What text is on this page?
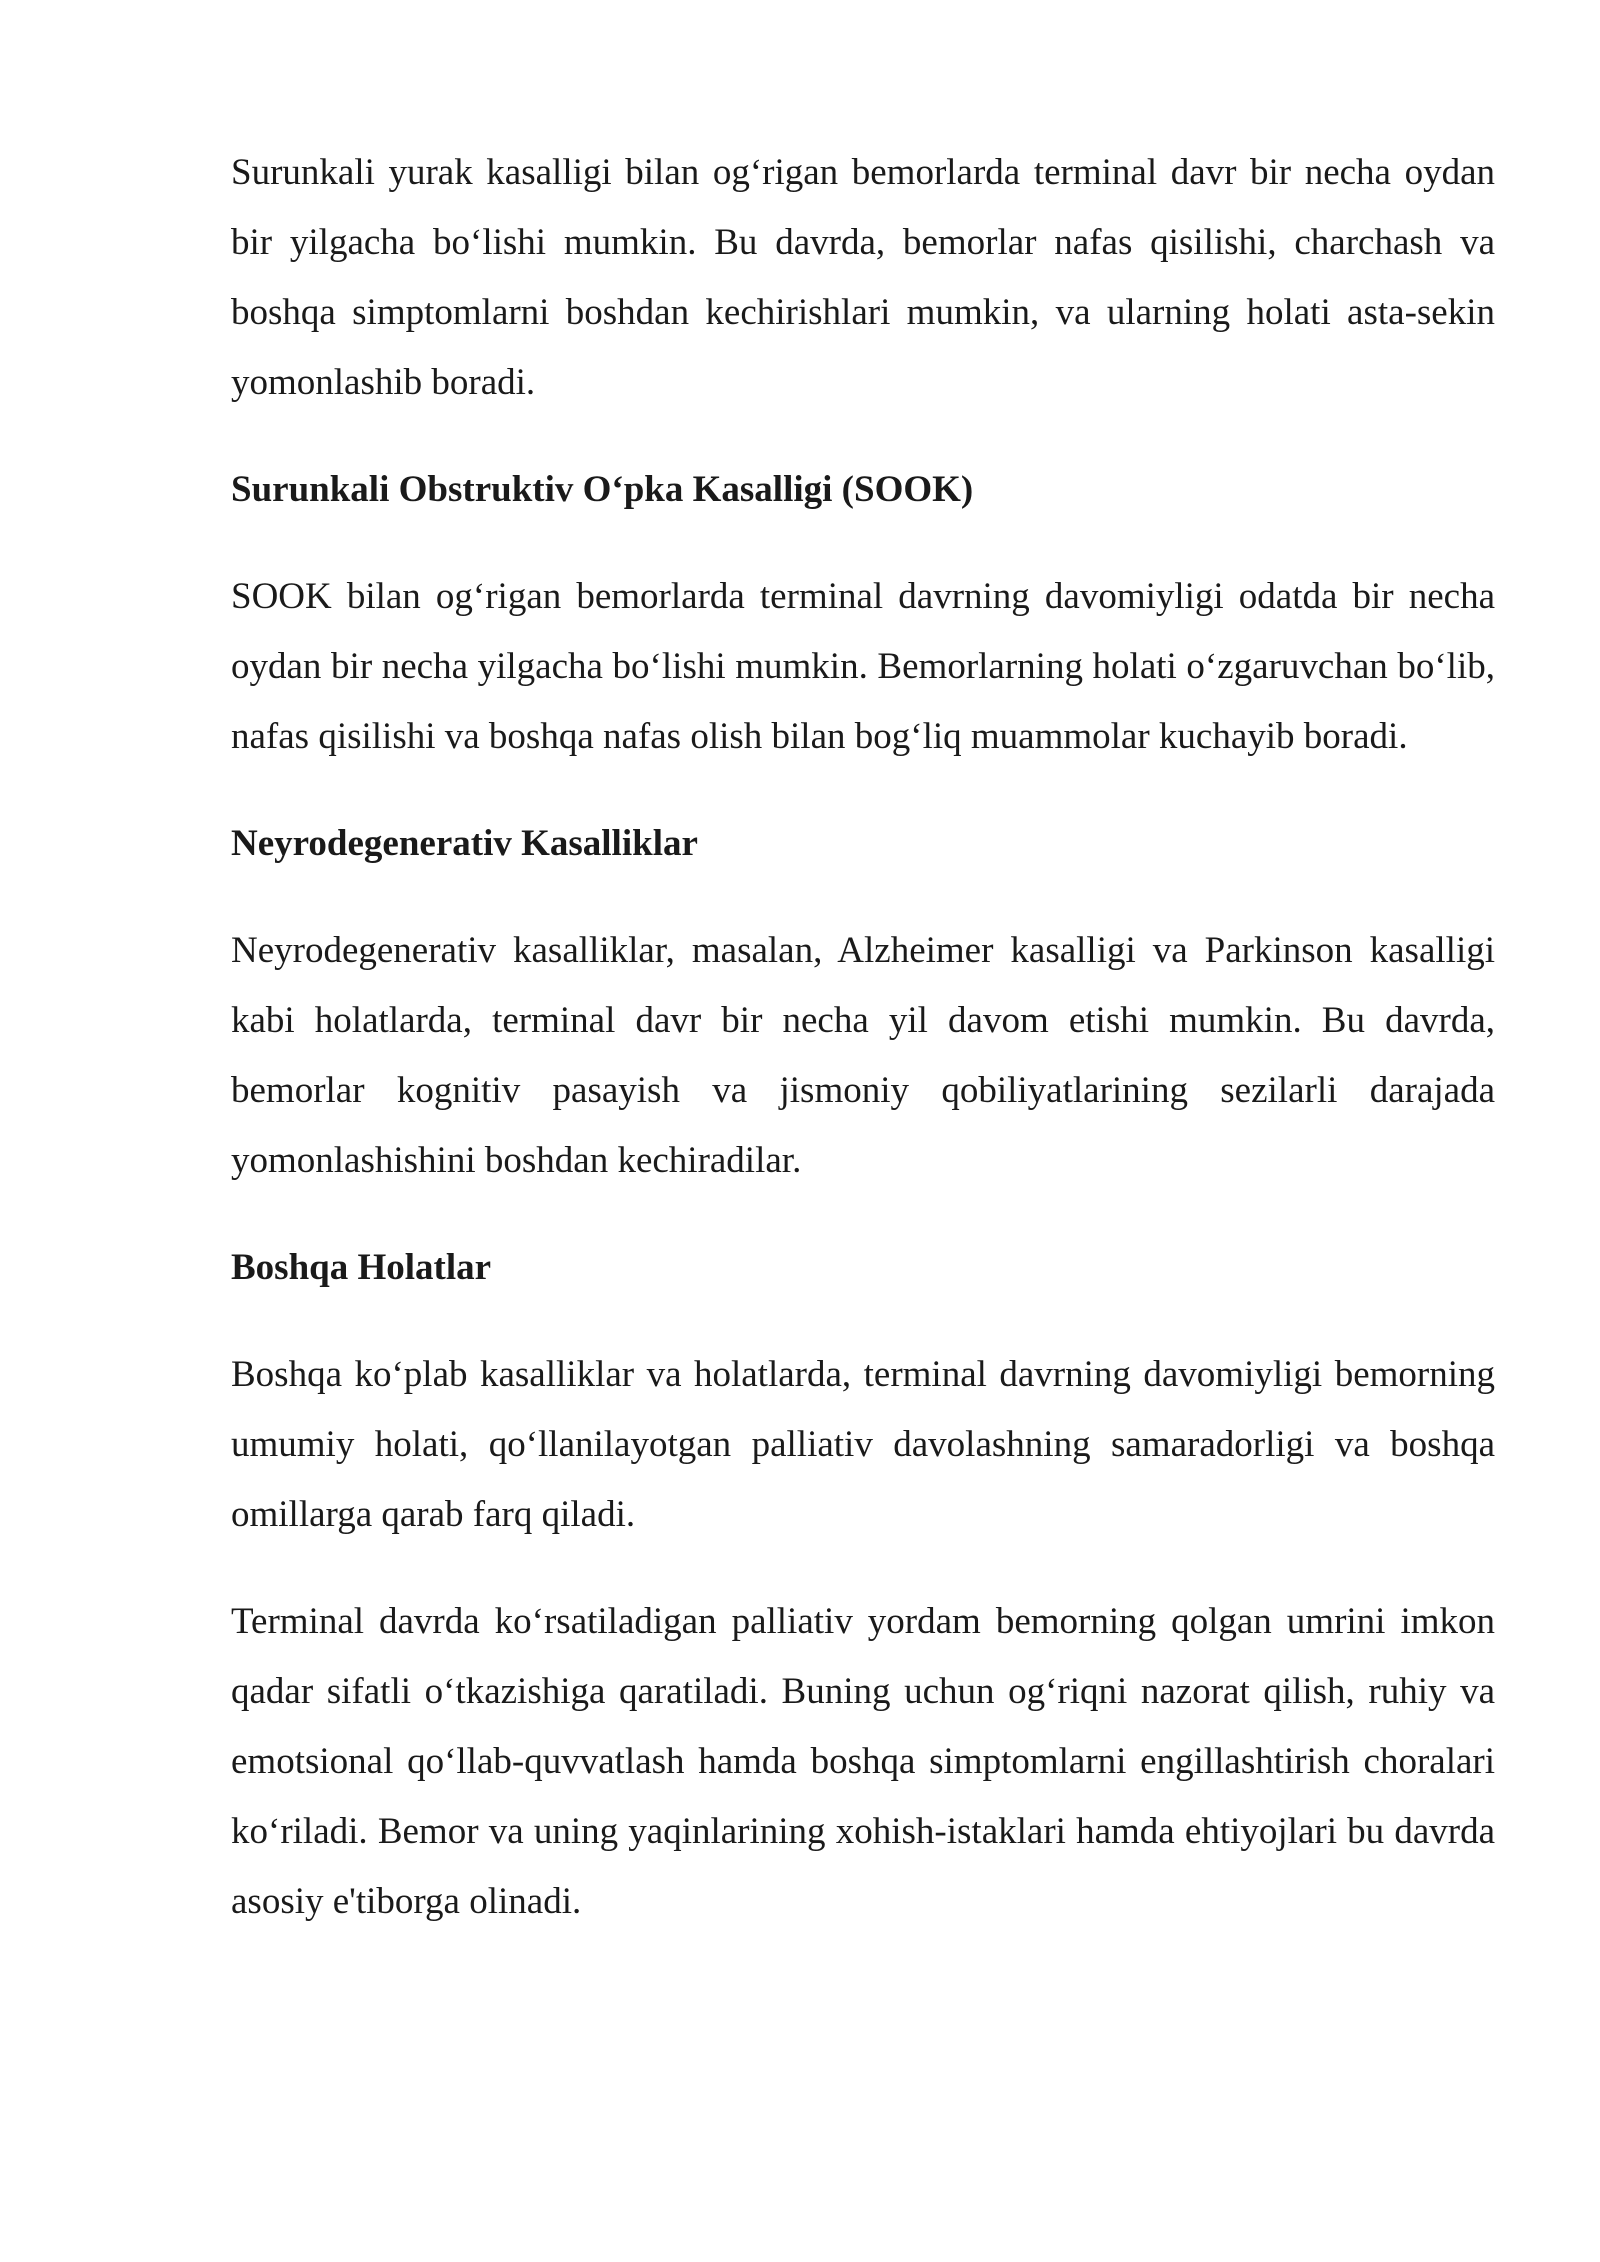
Surunkali yurak kasalligi bilan og‘rigan bemorlarda terminal davr bir necha oydan bir yilgacha bo‘lishi mumkin. Bu davrda, bemorlar nafas qisilishi, charchash va boshqa simptomlarni boshdan kechirishlari mumkin, va ularning holati asta-sekin yomonlashib boradi.

Surunkali Obstruktiv O‘pka Kasalligi (SOOK)

SOOK bilan og‘rigan bemorlarda terminal davrning davomiyligi odatda bir necha oydan bir necha yilgacha bo‘lishi mumkin. Bemorlarning holati o‘zgaruvchan bo‘lib, nafas qisilishi va boshqa nafas olish bilan bog‘liq muammolar kuchayib boradi.

Neyrodegenerativ Kasalliklar

Neyrodegenerativ kasalliklar, masalan, Alzheimer kasalligi va Parkinson kasalligi kabi holatlarda, terminal davr bir necha yil davom etishi mumkin. Bu davrda, bemorlar kognitiv pasayish va jismoniy qobiliyatlarining sezilarli darajada yomonlashishini boshdan kechiradilar.

Boshqa Holatlar

Boshqa ko‘plab kasalliklar va holatlarda, terminal davrning davomiyligi bemorning umumiy holati, qo‘llanilayotgan palliativ davolashning samaradorligi va boshqa omillarga qarab farq qiladi.

Terminal davrda ko‘rsatiladigan palliativ yordam bemorning qolgan umrini imkon qadar sifatli o‘tkazishiga qaratiladi. Buning uchun og‘riqni nazorat qilish, ruhiy va emotsional qo‘llab-quvvatlash hamda boshqa simptomlarni engillashtirish choralari ko‘riladi. Bemor va uning yaqinlarining xohish-istaklari hamda ehtiyojlari bu davrda asosiy e'tiborga olinadi.
